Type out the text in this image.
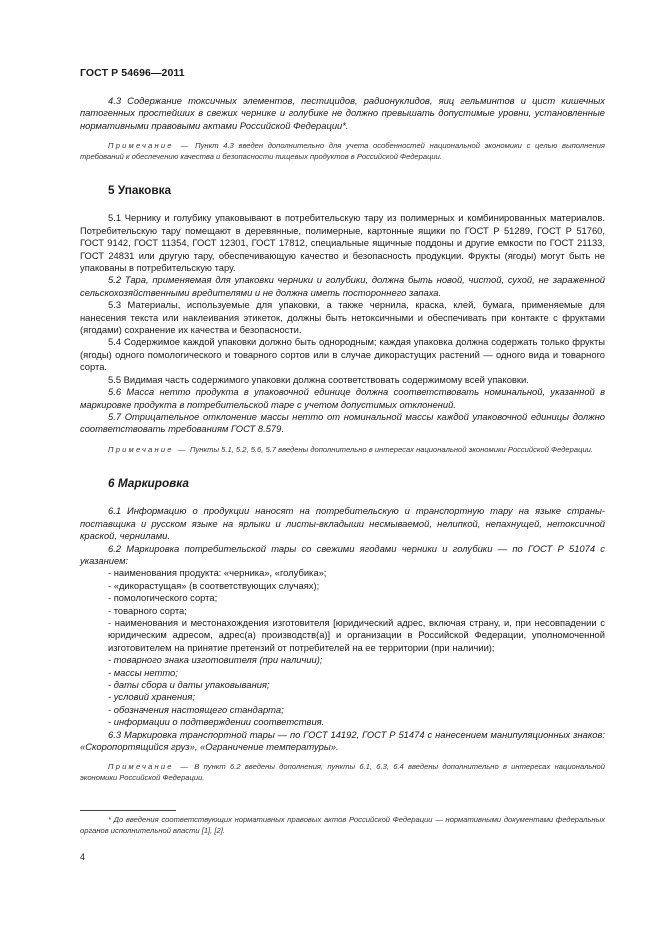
ГОСТ Р 54696—2011

4.3 Содержание токсичных элементов, пестицидов, радионуклидов, яиц гельминтов и цист кишечных патогенных простейших в свежих чернике и голубике не должно превышать допустимые уровни, установленные нормативными правовыми актами Российской Федерации*.

Примечание — Пункт 4.3 введен дополнительно для учета особенностей национальной экономики с целью выполнения требований к обеспечению качества и безопасности пищевых продуктов в Российской Федерации.

5 Упаковка

5.1 Чернику и голубику упаковывают в потребительскую тару из полимерных и комбинированных материалов. Потребительскую тару помещают в деревянные, полимерные, картонные ящики по ГОСТ Р 51289, ГОСТ Р 51760, ГОСТ 9142, ГОСТ 11354, ГОСТ 12301, ГОСТ 17812, специальные ящичные поддоны и другие емкости по ГОСТ 21133, ГОСТ 24831 или другую тару, обеспечивающую качество и безопасность продукции. Фрукты (ягоды) могут быть не упакованы в потребительскую тару.

5.2 Тара, применяемая для упаковки черники и голубики, должна быть новой, чистой, сухой, не зараженной сельскохозяйственными вредителями и не должна иметь постороннего запаха.

5.3 Материалы, используемые для упаковки, а также чернила, краска, клей, бумага, применяемые для нанесения текста или наклеивания этикеток, должны быть нетоксичными и обеспечивать при контакте с фруктами (ягодами) сохранение их качества и безопасности.

5.4 Содержимое каждой упаковки должно быть однородным; каждая упаковка должна содержать только фрукты (ягоды) одного помологического и товарного сортов или в случае дикорастущих растений — одного вида и товарного сорта.

5.5 Видимая часть содержимого упаковки должна соответствовать содержимому всей упаковки.

5.6 Масса нетто продукта в упаковочной единице должна соответствовать номинальной, указанной в маркировке продукта в потребительской таре с учетом допустимых отклонений.

5.7 Отрицательное отклонение массы нетто от номинальной массы каждой упаковочной единицы должно соответствовать требованиям ГОСТ 8.579.

Примечание — Пункты 5.1, 5.2, 5.6, 5.7 введены дополнительно в интересах национальной экономики Российской Федерации.

6 Маркировка

6.1 Информацию о продукции наносят на потребительскую и транспортную тару на языке страны-поставщика и русском языке на ярлыки и листы-вкладыши несмываемой, нелипкой, непахнущей, нетоксичной краской, чернилами.

6.2 Маркировка потребительской тары со свежими ягодами черники и голубики — по ГОСТ Р 51074 с указанием:

- наименования продукта: «черника», «голубика»;
- «дикорастущая» (в соответствующих случаях);
- помологического сорта;
- товарного сорта;
- наименования и местонахождения изготовителя [юридический адрес, включая страну, и, при несовпадении с юридическим адресом, адрес(а) производств(а)] и организации в Российской Федерации, уполномоченной изготовителем на принятие претензий от потребителей на ее территории (при наличии);
- товарного знака изготовителя (при наличии);
- массы нетто;
- даты сбора и даты упаковывания;
- условий хранения;
- обозначения настоящего стандарта;
- информации о подтверждении соответствия.

6.3 Маркировка транспортной тары — по ГОСТ 14192, ГОСТ Р 51474 с нанесением манипуляционных знаков: «Скоропортящийся груз», «Ограничение температуры».

Примечание — В пункт 6.2 введены дополнения, пункты 6.1, 6.3, 6.4 введены дополнительно в интересах национальной экономики Российской Федерации.

* До введения соответствующих нормативных правовых актов Российской Федерации — нормативными документами федеральных органов исполнительной власти [1], [2].

4
